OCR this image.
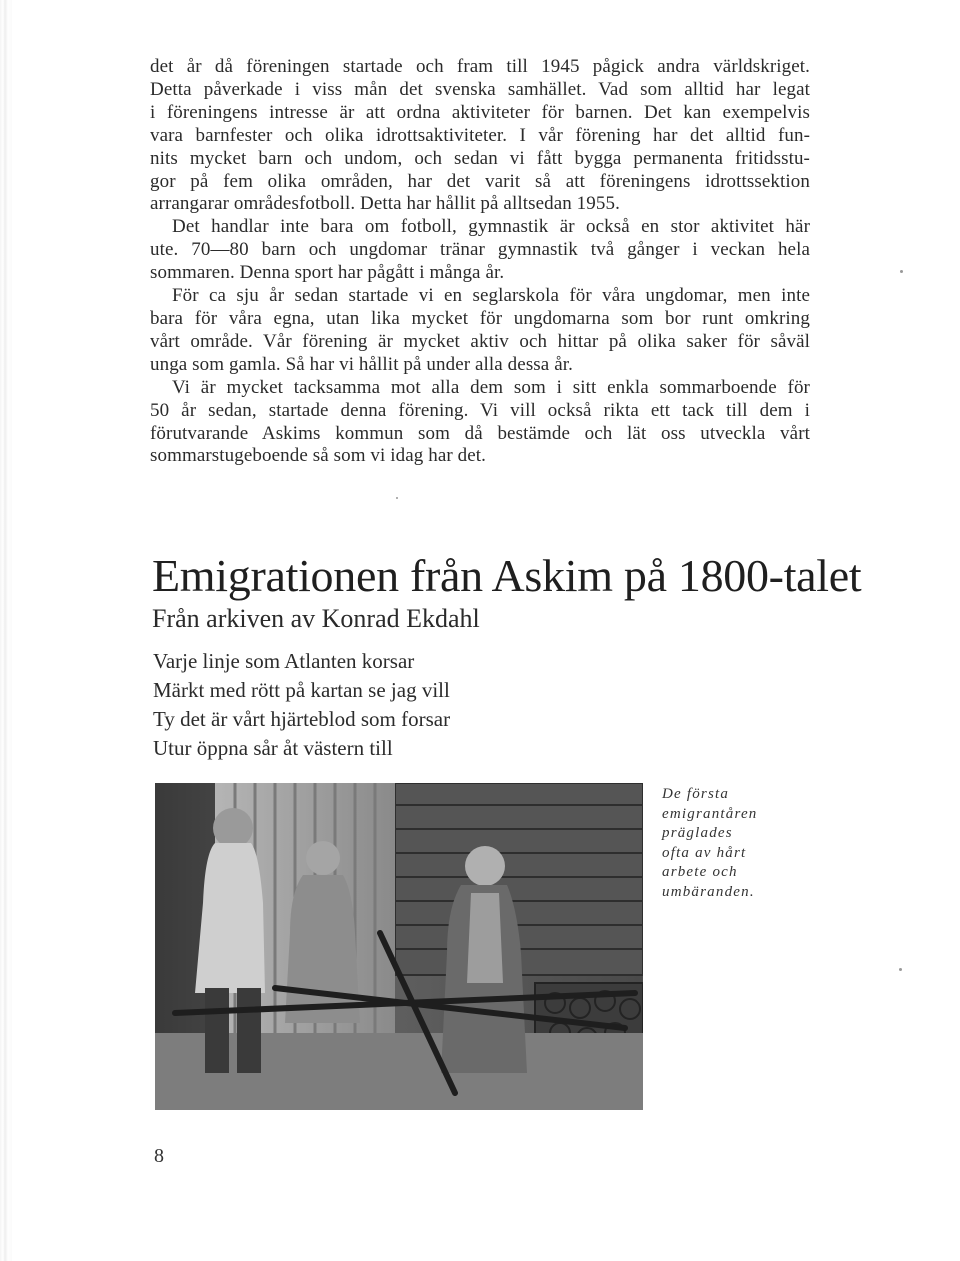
det år då föreningen startade och fram till 1945 pågick andra världskriget.
Detta påverkade i viss mån det svenska samhället. Vad som alltid har legat
i föreningens intresse är att ordna aktiviteter för barnen. Det kan exempelvis
vara barnfester och olika idrottsaktiviteter. I vår förening har det alltid fun-
nits mycket barn och undom, och sedan vi fått bygga permanenta fritidsstu-
gor på fem olika områden, har det varit så att föreningens idrottssektion
arrangarar områdesfotboll. Detta har hållit på alltsedan 1955.

Det handlar inte bara om fotboll, gymnastik är också en stor aktivitet här
ute. 70—80 barn och ungdomar tränar gymnastik två gånger i veckan hela
sommaren. Denna sport har pågått i många år.

För ca sju år sedan startade vi en seglarskola för våra ungdomar, men inte
bara för våra egna, utan lika mycket för ungdomarna som bor runt omkring
vårt område. Vår förening är mycket aktiv och hittar på olika saker för såväl
unga som gamla. Så har vi hållit på under alla dessa år.

Vi är mycket tacksamma mot alla dem som i sitt enkla sommarboende för
50 år sedan, startade denna förening. Vi vill också rikta ett tack till dem i
förutvarande Askims kommun som då bestämde och lät oss utveckla vårt
sommarstugeboende så som vi idag har det.

Emigrationen från Askim på 1800-talet
Från arkiven av Konrad Ekdahl
Varje linje som Atlanten korsar
Märkt med rött på kartan se jag vill
Ty det är vårt hjärteblod som forsar
Utur öppna sår åt västern till
De första
emigrantåren
präglades
ofta av hårt
arbete och
umbäranden.

8
